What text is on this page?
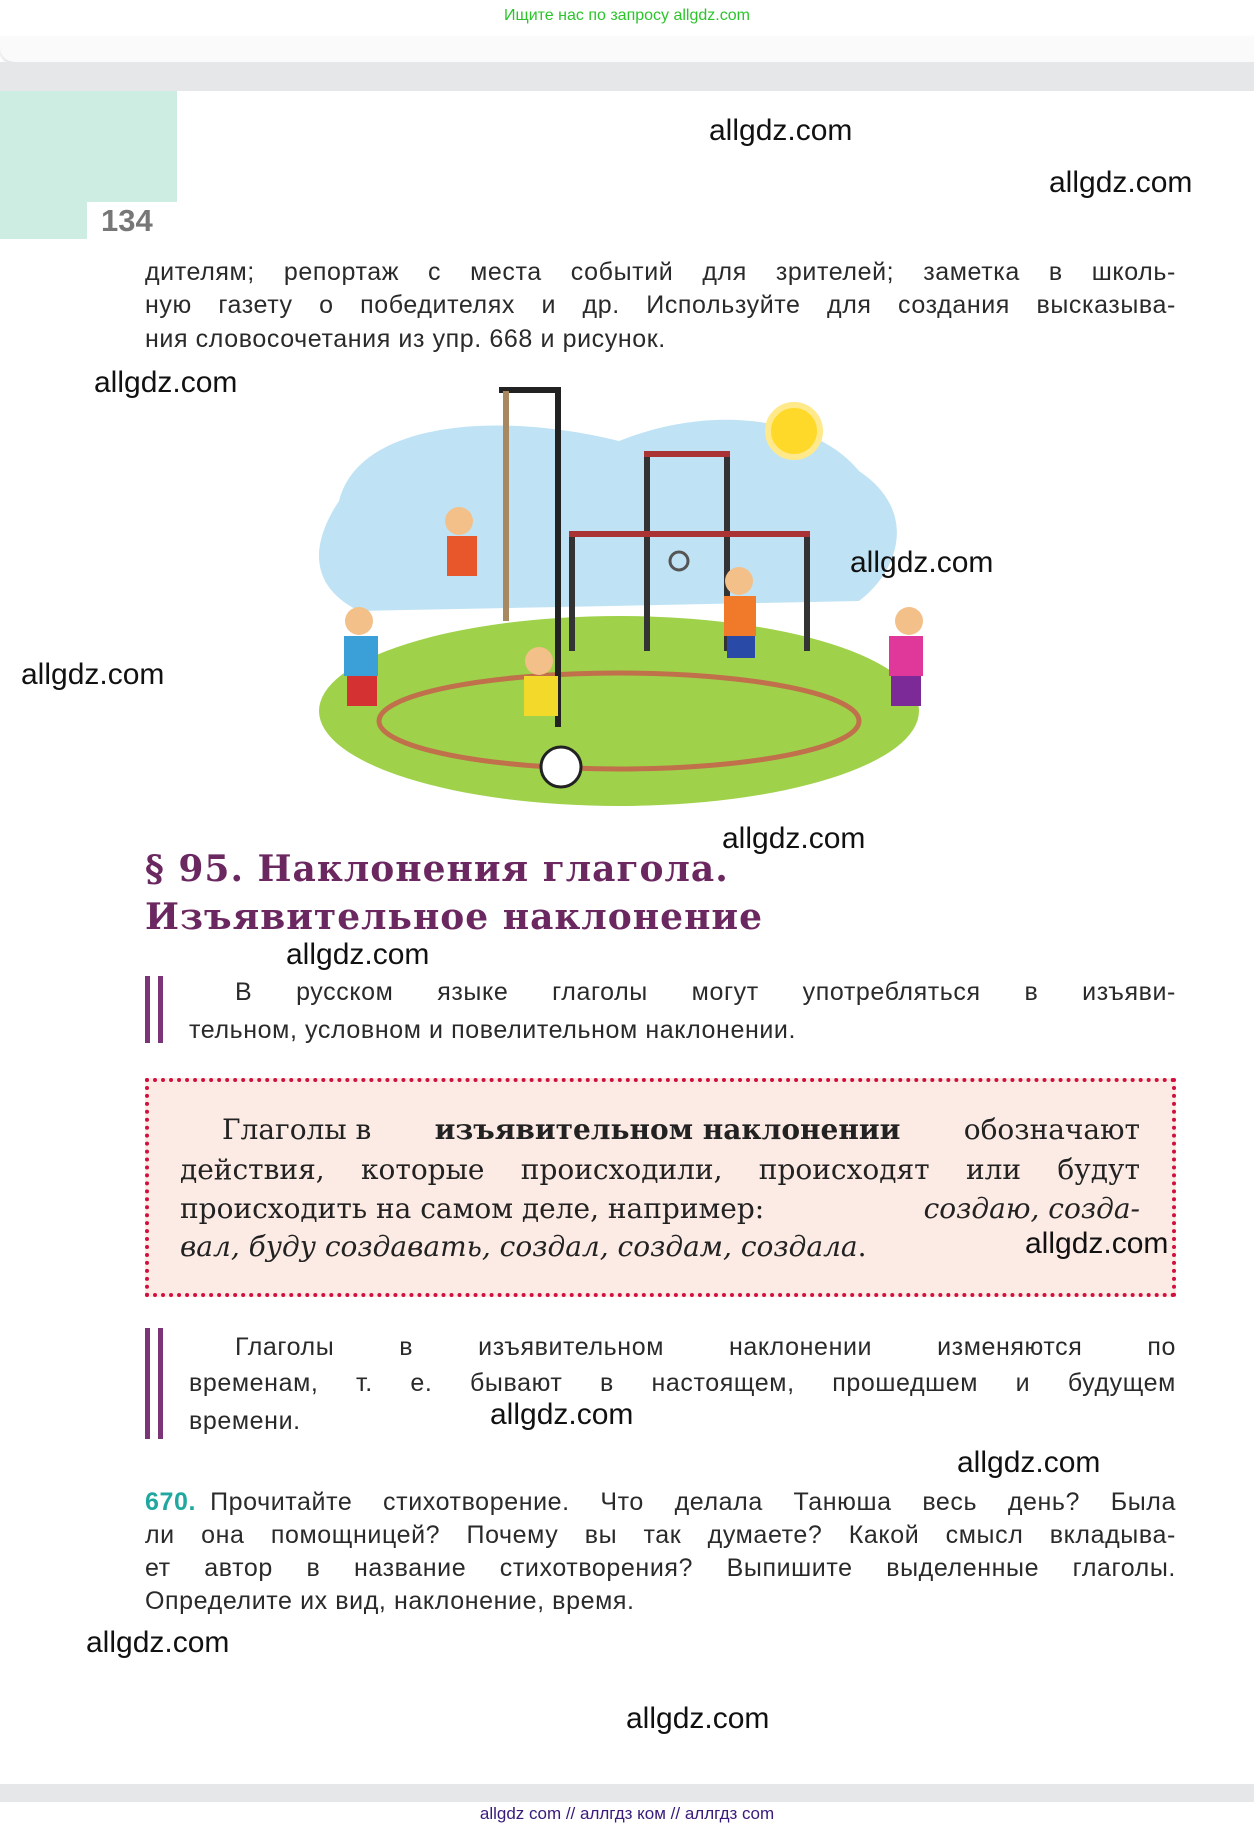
Ищите нас по запросу allgdz.com
allgdz com // аллгдз ком // аллгдз com
134
дителям; репортаж с места событий для зрителей; заметка в школь-
ную газету о победителях и др. Используйте для создания высказыва-
ния словосочетания из упр. 668 и рисунок.
§ 95. Наклонения глагола.
Изъявительное наклонение
В русском языке глаголы могут употребляться в изъяви-
тельном, условном и повелительном наклонении.
Глаголы в изъявительном наклонении обозначают
действия, которые происходили, происходят или будут
происходить на самом деле, например:	создаю, созда-
вал, буду создавать, создал, создам, создала .
Глаголы	в	изъявительном	наклонении	изменяются	по
временам, т. е. бывают в настоящем, прошедшем и будущем
времени.
670. Прочитайте стихотворение. Что делала Танюша весь день? Была
ли она помощницей? Почему вы так думаете? Какой смысл вкладыва-
ет автор в название стихотворения? Выпишите выделенные глаголы.
Определите их вид, наклонение, время.
allgdz.com
allgdz.com
allgdz.com
allgdz.com
allgdz.com
allgdz.com
allgdz.com
allgdz.com
allgdz.com
allgdz.com
allgdz.com
allgdz.com
